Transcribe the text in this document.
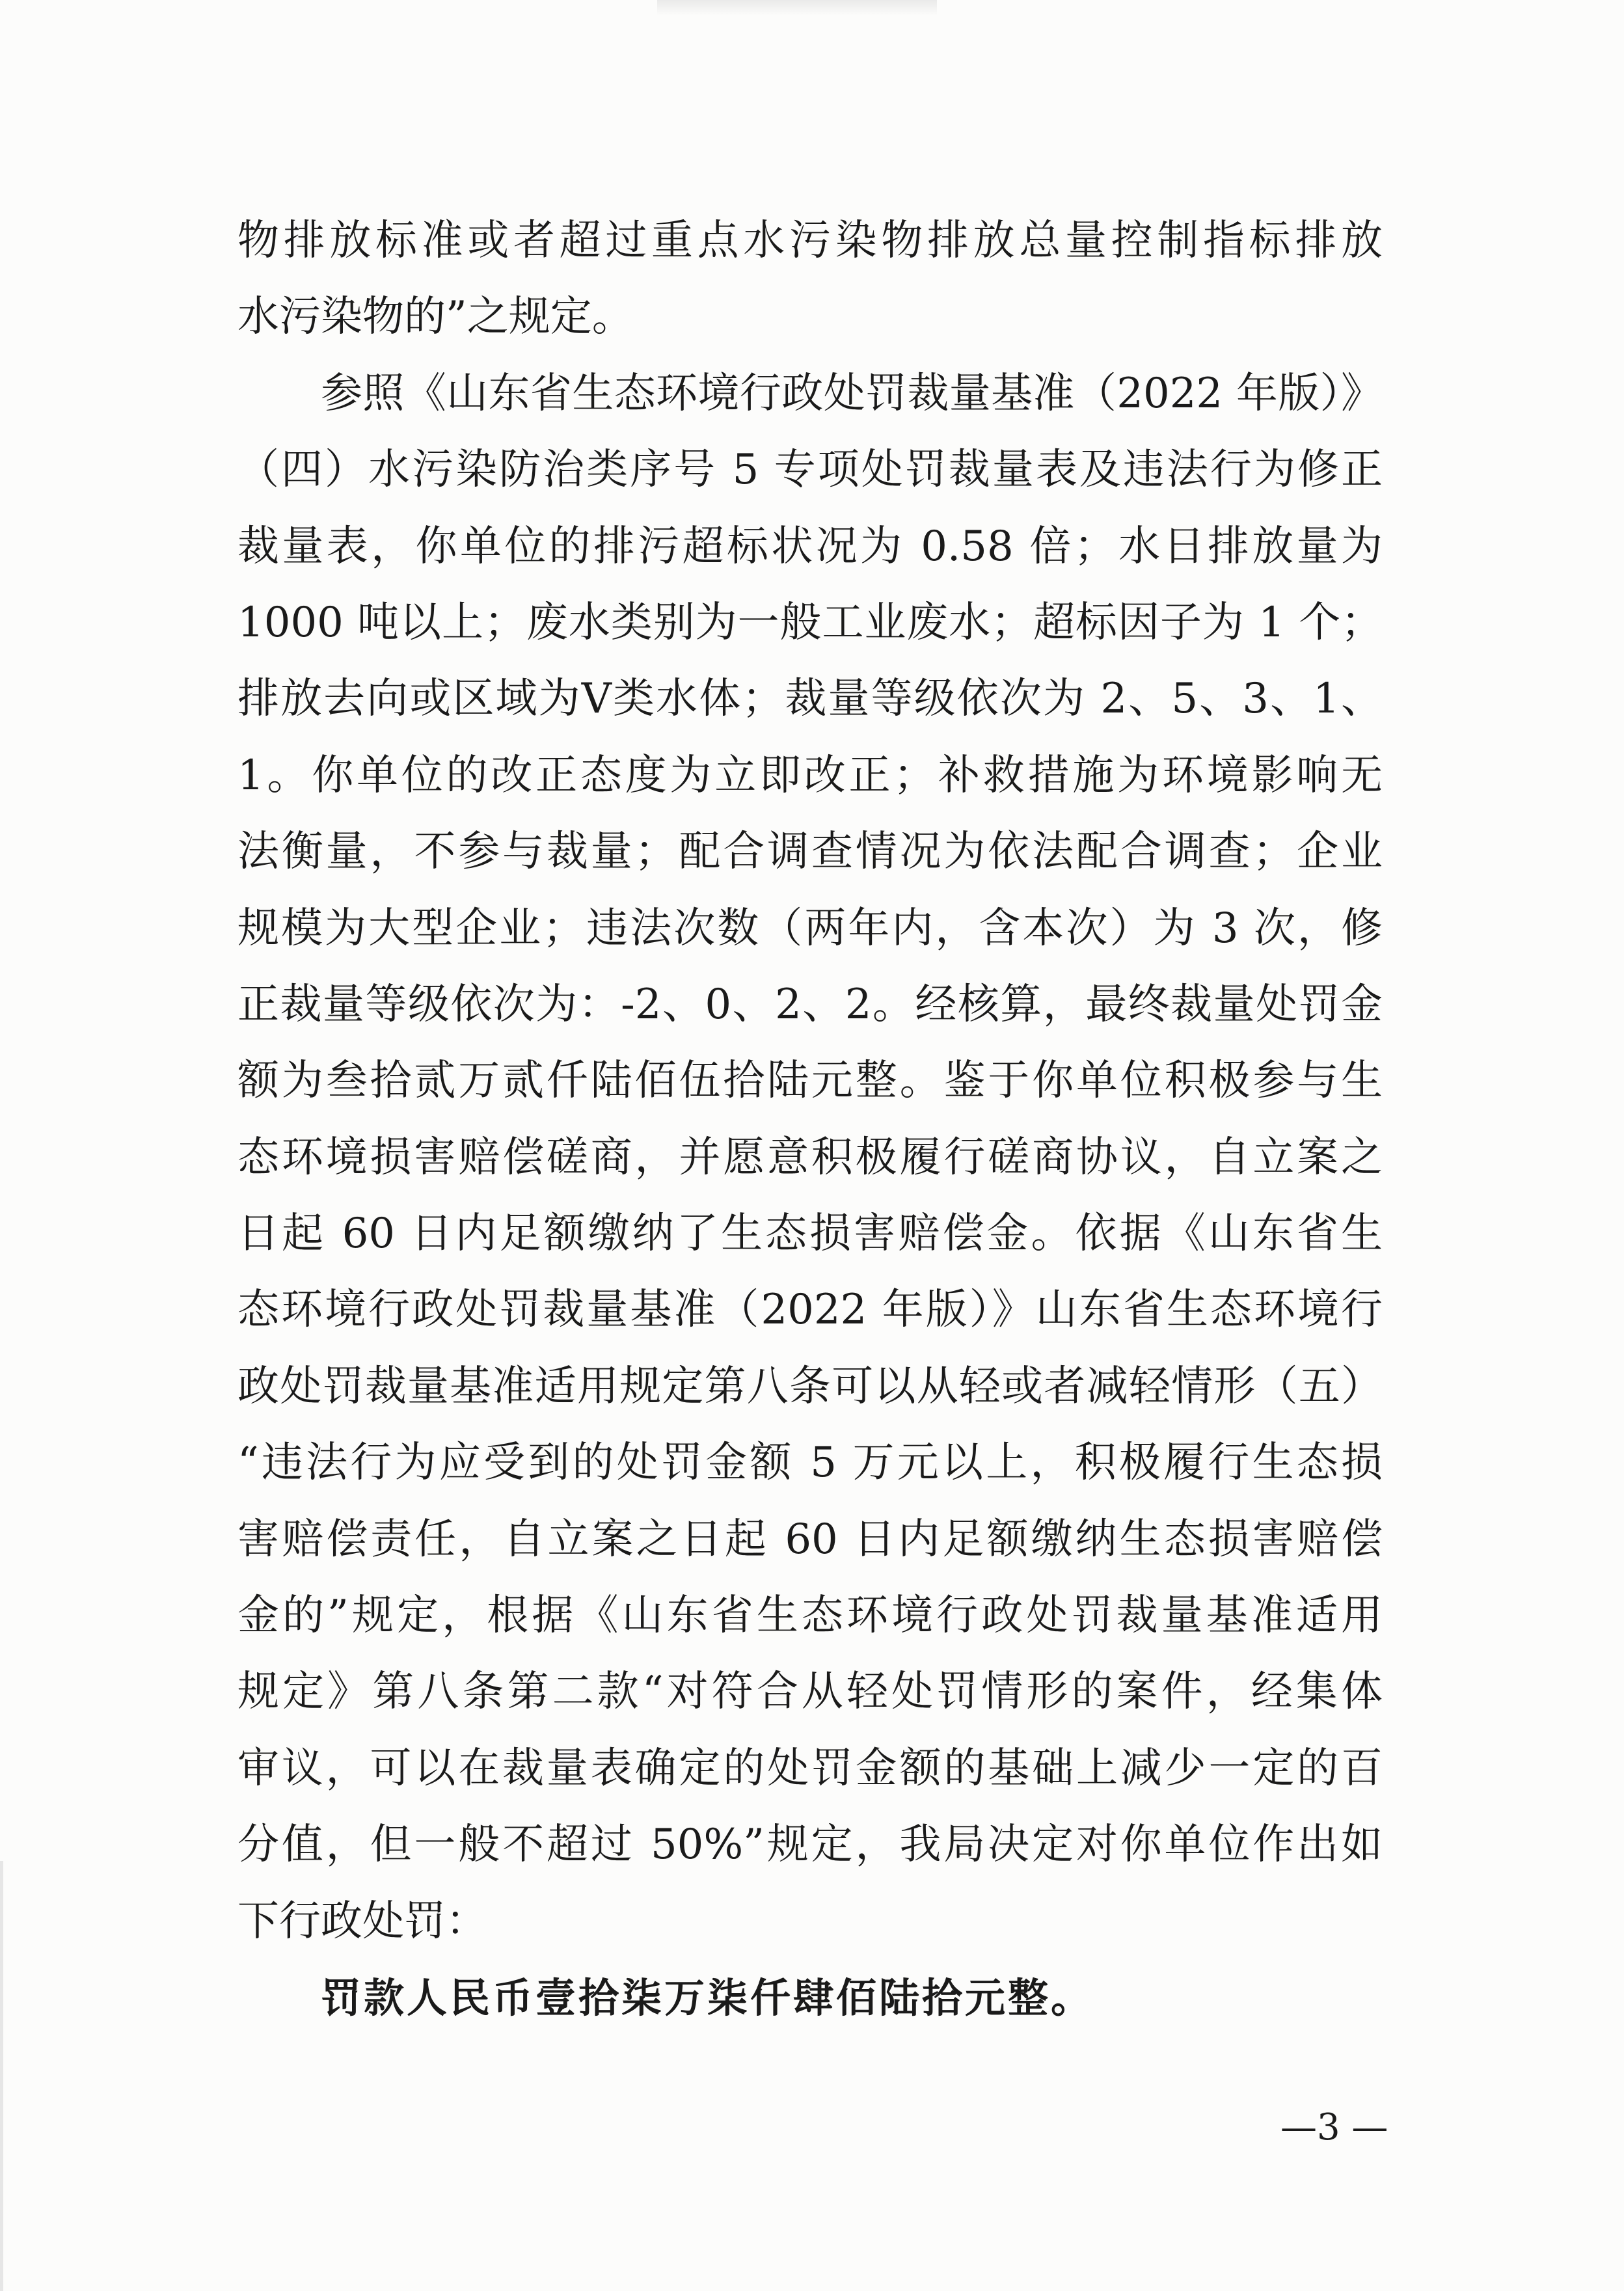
物排放标准或者超过重点水污染物排放总量控制指标排放
水污染物的”之规定。
参照《山东省生态环境行政处罚裁量基准（2022 年版）》
（四）水污染防治类序号 5 专项处罚裁量表及违法行为修正
裁量表，你单位的排污超标状况为 0.58 倍；水日排放量为
1000 吨以上；废水类别为一般工业废水；超标因子为 1 个；
排放去向或区域为Ⅴ类水体；裁量等级依次为 2、5、3、1、
1。你单位的改正态度为立即改正；补救措施为环境影响无
法衡量，不参与裁量；配合调查情况为依法配合调查；企业
规模为大型企业；违法次数（两年内，含本次）为 3 次，修
正裁量等级依次为：-2、0、2、2。经核算，最终裁量处罚金
额为叁拾贰万贰仟陆佰伍拾陆元整。鉴于你单位积极参与生
态环境损害赔偿磋商，并愿意积极履行磋商协议，自立案之
日起 60 日内足额缴纳了生态损害赔偿金。依据《山东省生
态环境行政处罚裁量基准（2022 年版）》山东省生态环境行
政处罚裁量基准适用规定第八条可以从轻或者减轻情形（五）
“违法行为应受到的处罚金额 5 万元以上，积极履行生态损
害赔偿责任，自立案之日起 60 日内足额缴纳生态损害赔偿
金的”规定，根据《山东省生态环境行政处罚裁量基准适用
规定》第八条第二款“对符合从轻处罚情形的案件，经集体
审议，可以在裁量表确定的处罚金额的基础上减少一定的百
分值，但一般不超过 50%”规定，我局决定对你单位作出如
下行政处罚：
罚款人民币壹拾柒万柒仟肆佰陆拾元整。
—3 —
